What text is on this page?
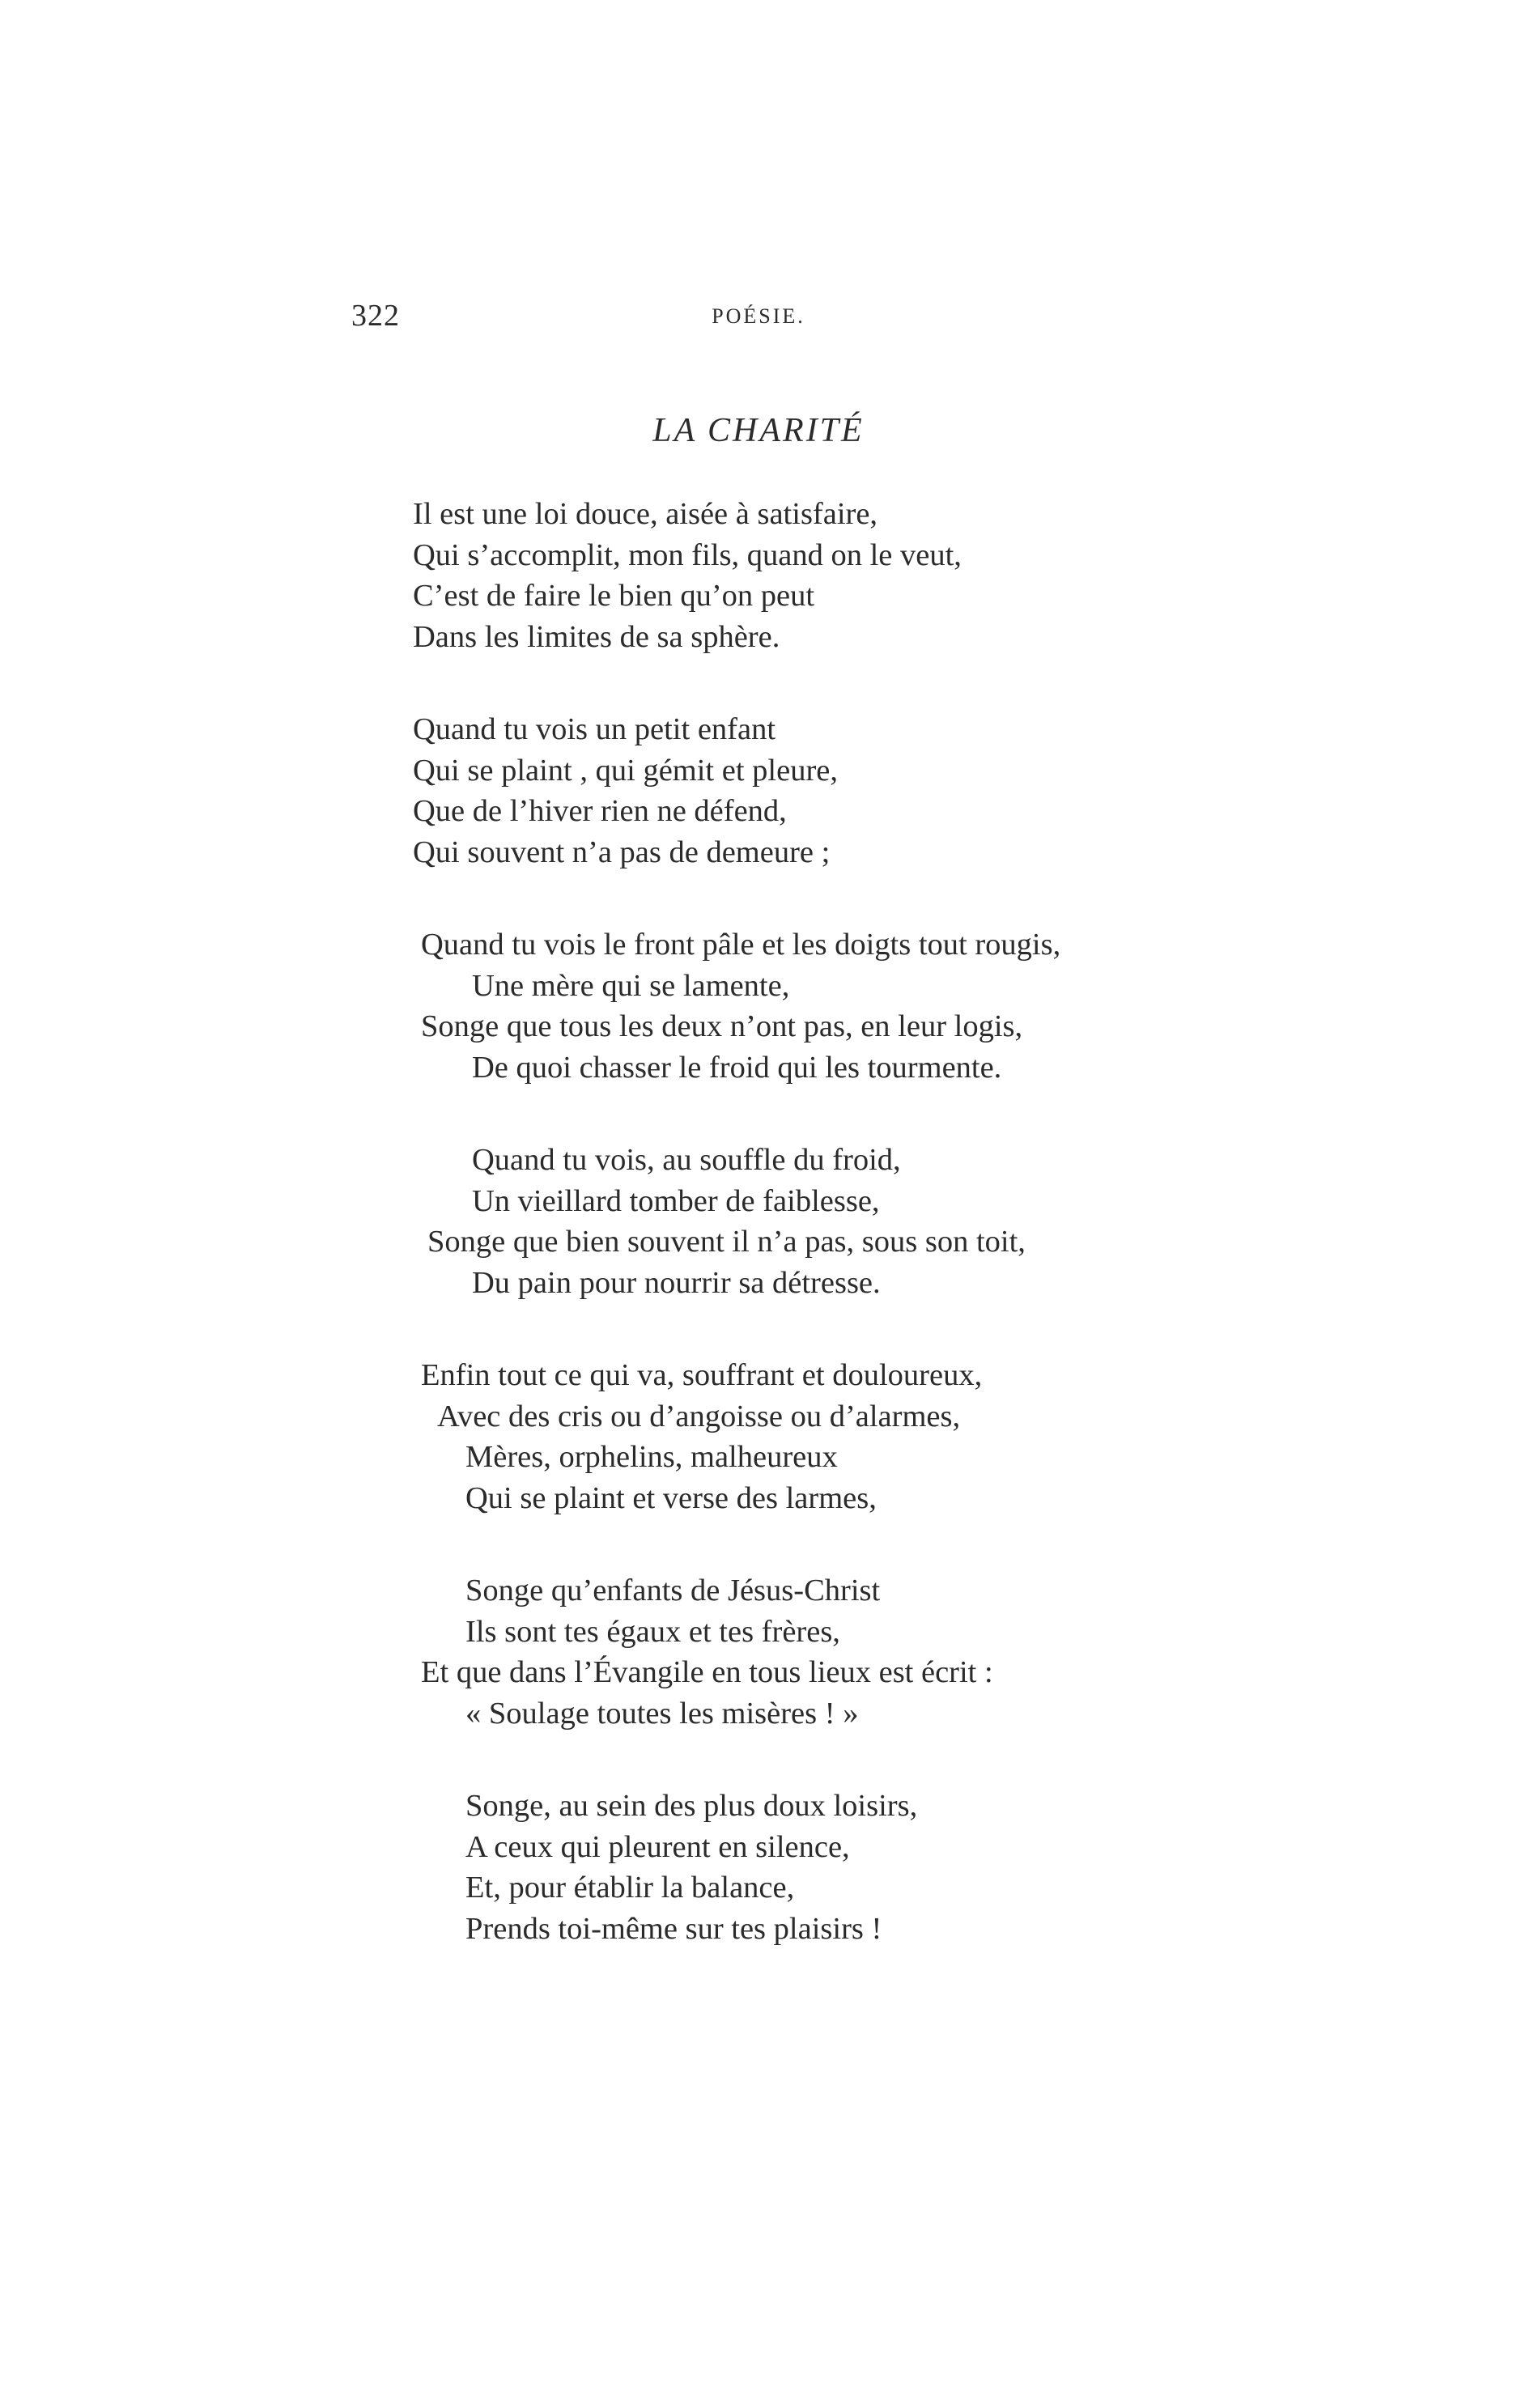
322	POÉSIE.
LA CHARITÉ
Il est une loi douce, aisée à satisfaire,
Qui s’accomplit, mon fils, quand on le veut,
C’est de faire le bien qu’on peut
Dans les limites de sa sphère.
Quand tu vois un petit enfant
Qui se plaint , qui gémit et pleure,
Que de l’hiver rien ne défend,
Qui souvent n’a pas de demeure ;
Quand tu vois le front pâle et les doigts tout rougis,
Une mère qui se lamente,
Songe que tous les deux n’ont pas, en leur logis,
De quoi chasser le froid qui les tourmente.
Quand tu vois, au souffle du froid,
Un vieillard tomber de faiblesse,
Songe que bien souvent il n’a pas, sous son toit,
Du pain pour nourrir sa détresse.
Enfin tout ce qui va, souffrant et douloureux,
Avec des cris ou d’angoisse ou d’alarmes,
Mères, orphelins, malheureux
Qui se plaint et verse des larmes,
Songe qu’enfants de Jésus-Christ
Ils sont tes égaux et tes frères,
Et que dans l’Évangile en tous lieux est écrit :
« Soulage toutes les misères ! »
Songe, au sein des plus doux loisirs,
A ceux qui pleurent en silence,
Et, pour établir la balance,
Prends toi-même sur tes plaisirs !
